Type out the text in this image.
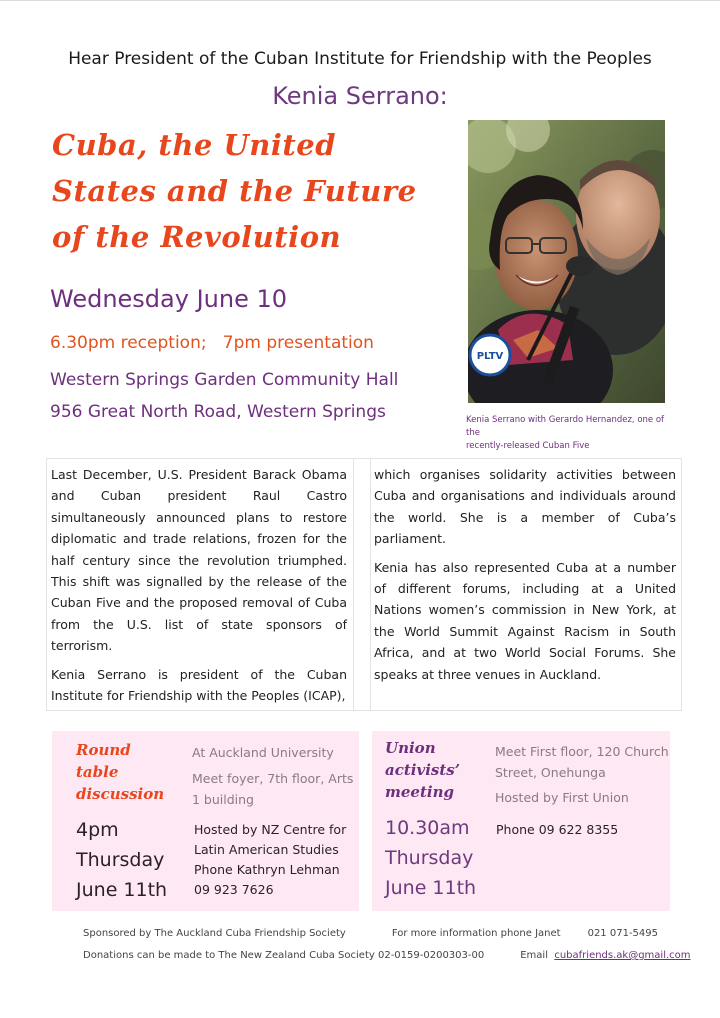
Hear President of the Cuban Institute for Friendship with the Peoples
Kenia Serrano:
Cuba, the United
States and the Future
of the Revolution
Wednesday June 10
6.30pm reception;   7pm presentation
Western Springs Garden Community Hall
956 Great North Road, Western Springs
PLTV
Kenia Serrano with Gerardo Hernandez, one of the
recently-released Cuban Five

Last December, U.S. President Barack Obama and Cuban president Raul Castro simultaneously announced plans to restore diplomatic and trade relations, frozen for the half century since the revolution triumphed. This shift was signalled by the release of the Cuban Five and the proposed removal of Cuba from the U.S. list of state sponsors of terrorism.

Kenia Serrano is president of the Cuban Institute for Friendship with the Peoples (ICAP),

which organises solidarity activities between Cuba and organisations and individuals around the world. She is a member of Cuba’s parliament.

Kenia has also represented Cuba at a number of different forums, including at a United Nations women’s commission in New York, at the World Summit Against Racism in South Africa, and at two World Social Forums. She speaks at three venues in Auckland.

Round
table
discussion
At Auckland University
Meet foyer, 7th floor, Arts
1 building
4pm
Thursday
June 11th
Hosted by NZ Centre for
Latin American Studies
Phone Kathryn Lehman
09 923 7626
Union
activists’
meeting
Meet First floor, 120 Church
Street, Onehunga
Hosted by First Union
10.30am
Thursday
June 11th
Phone 09 622 8355
Sponsored by The Auckland Cuba Friendship Society	For more information phone Janet	021 071-5495
Donations can be made to The New Zealand Cuba Society 02-0159-0200303-00	Email cubafriends.ak@gmail.com
